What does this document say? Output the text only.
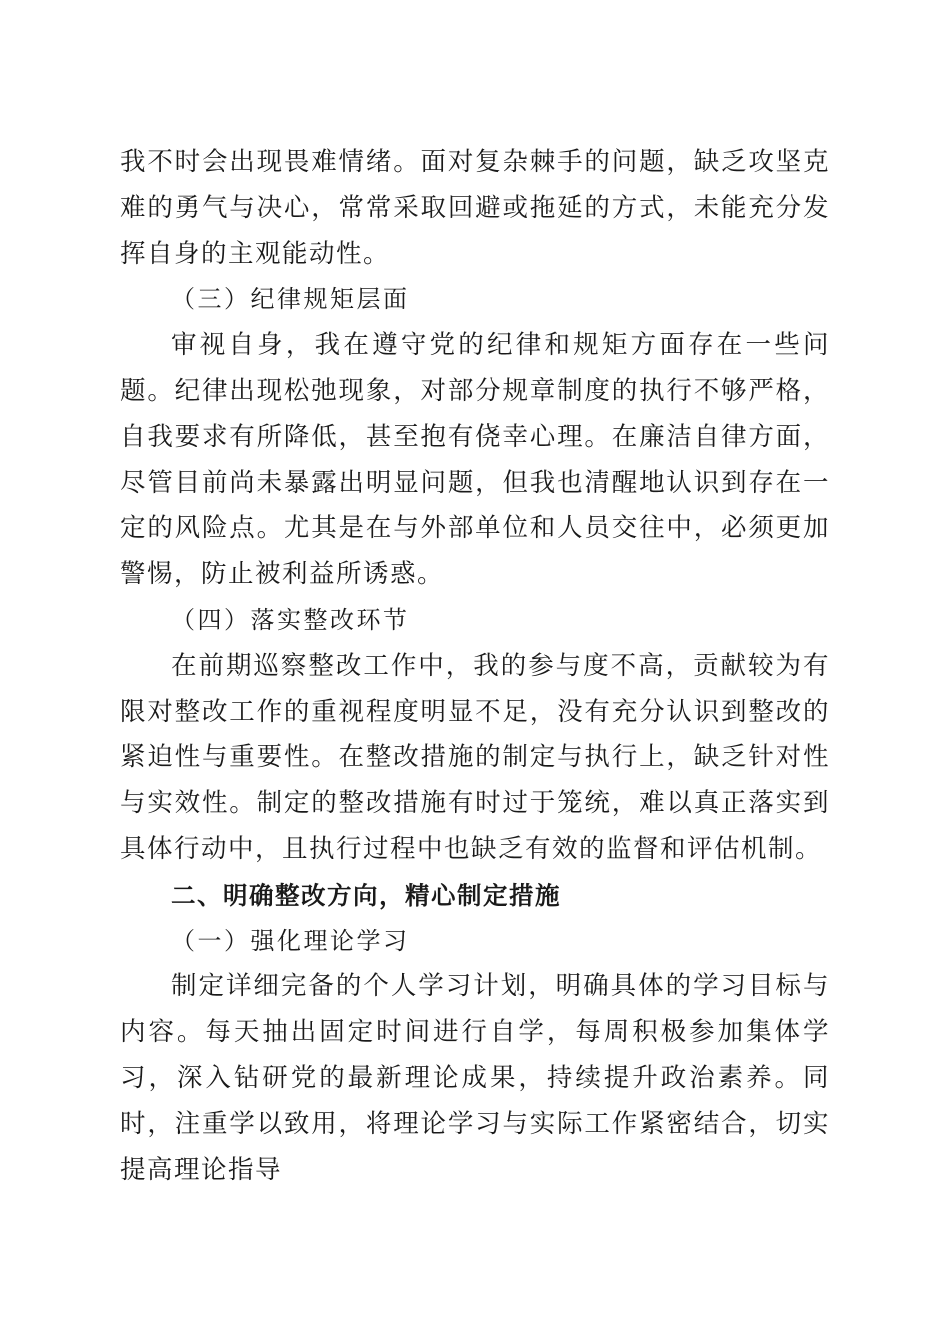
我不时会出现畏难情绪。面对复杂棘手的问题，缺乏攻坚克难的勇气与决心，常常采取回避或拖延的方式，未能充分发挥自身的主观能动性。

（三）纪律规矩层面

审视自身，我在遵守党的纪律和规矩方面存在一些问题。纪律出现松弛现象，对部分规章制度的执行不够严格，自我要求有所降低，甚至抱有侥幸心理。在廉洁自律方面，尽管目前尚未暴露出明显问题，但我也清醒地认识到存在一定的风险点。尤其是在与外部单位和人员交往中，必须更加警惕，防止被利益所诱惑。

（四）落实整改环节

在前期巡察整改工作中，我的参与度不高，贡献较为有限对整改工作的重视程度明显不足，没有充分认识到整改的紧迫性与重要性。在整改措施的制定与执行上，缺乏针对性与实效性。制定的整改措施有时过于笼统，难以真正落实到具体行动中，且执行过程中也缺乏有效的监督和评估机制。

二、明确整改方向，精心制定措施

（一）强化理论学习

制定详细完备的个人学习计划，明确具体的学习目标与内容。每天抽出固定时间进行自学，每周积极参加集体学习，深入钻研党的最新理论成果，持续提升政治素养。同时，注重学以致用，将理论学习与实际工作紧密结合，切实提高理论指导
